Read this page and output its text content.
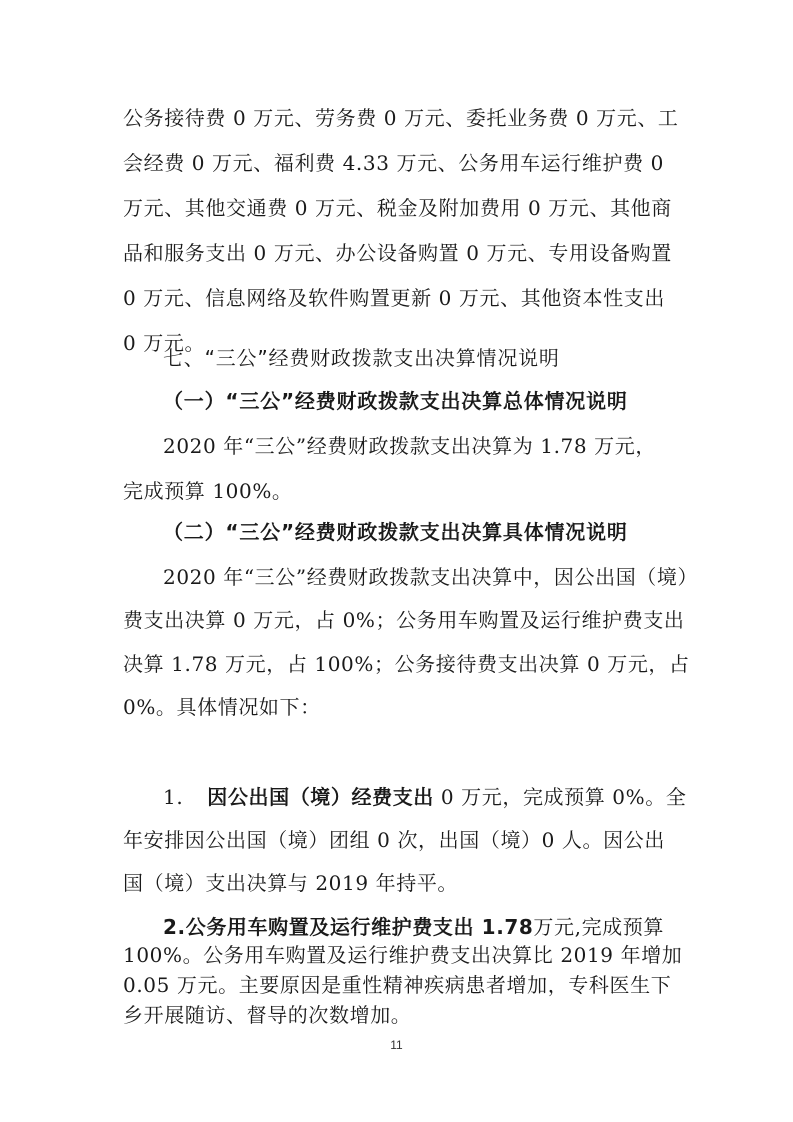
公务接待费 0 万元、劳务费 0 万元、委托业务费 0 万元、工
会经费 0 万元、福利费 4.33 万元、公务用车运行维护费 0
万元、其他交通费 0 万元、税金及附加费用 0 万元、其他商
品和服务支出 0 万元、办公设备购置 0 万元、专用设备购置
0 万元、信息网络及软件购置更新 0 万元、其他资本性支出
0 万元。
七、“三公”经费财政拨款支出决算情况说明
（一）“三公”经费财政拨款支出决算总体情况说明
2020 年“三公”经费财政拨款支出决算为 1.78 万元，
完成预算 100%。
（二）“三公”经费财政拨款支出决算具体情况说明
2020 年“三公”经费财政拨款支出决算中，因公出国（境）
费支出决算 0 万元，占 0%；公务用车购置及运行维护费支出
决算 1.78 万元，占 100%；公务接待费支出决算 0 万元，占
0%。具体情况如下：
1. 因公出国（境）经费支出 0 万元，完成预算 0%。全
年安排因公出国（境）团组 0 次，出国（境）0 人。因公出
国（境）支出决算与 2019 年持平。
2.公务用车购置及运行维护费支出 1.78万元,完成预算
100%。公务用车购置及运行维护费支出决算比 2019 年增加
0.05 万元。主要原因是重性精神疾病患者增加，专科医生下
11
乡开展随访、督导的次数增加。
